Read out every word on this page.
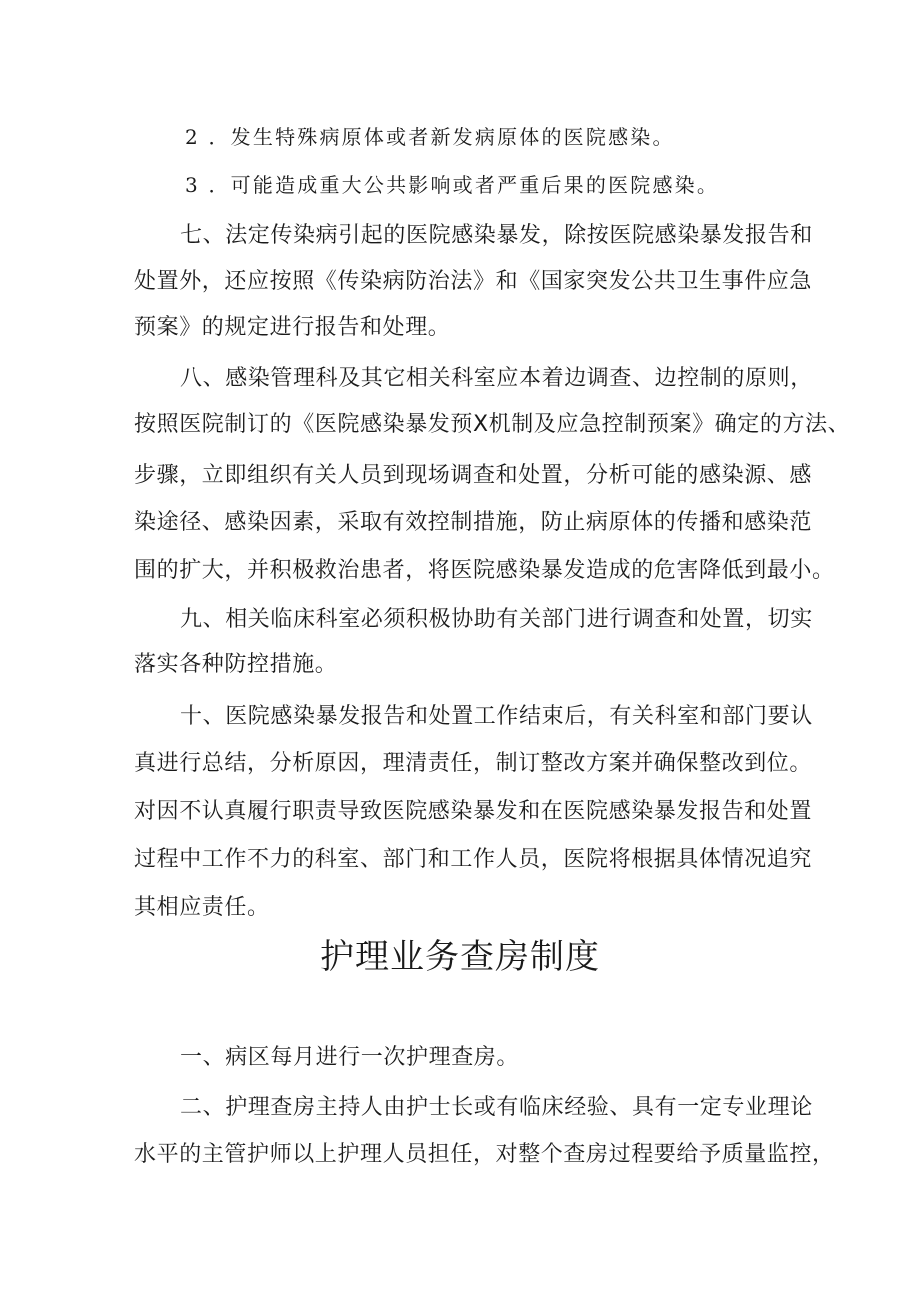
2 ．发生特殊病原体或者新发病原体的医院感染。
3 ．可能造成重大公共影响或者严重后果的医院感染。
七、法定传染病引起的医院感染暴发，除按医院感染暴发报告和
处置外，还应按照《传染病防治法》和《国家突发公共卫生事件应急
预案》的规定进行报告和处理。
八、感染管理科及其它相关科室应本着边调查、边控制的原则，
按照医院制订的《医院感染暴发预X机制及应急控制预案》确定的方法、
步骤，立即组织有关人员到现场调查和处置，分析可能的感染源、感
染途径、感染因素，采取有效控制措施，防止病原体的传播和感染范
围的扩大，并积极救治患者，将医院感染暴发造成的危害降低到最小。
九、相关临床科室必须积极协助有关部门进行调查和处置，切实
落实各种防控措施。
十、医院感染暴发报告和处置工作结束后，有关科室和部门要认
真进行总结，分析原因，理清责任，制订整改方案并确保整改到位。
对因不认真履行职责导致医院感染暴发和在医院感染暴发报告和处置
过程中工作不力的科室、部门和工作人员，医院将根据具体情况追究
其相应责任。
护理业务查房制度
一、病区每月进行一次护理查房。
二、护理查房主持人由护士长或有临床经验、具有一定专业理论
水平的主管护师以上护理人员担任，对整个查房过程要给予质量监控，
